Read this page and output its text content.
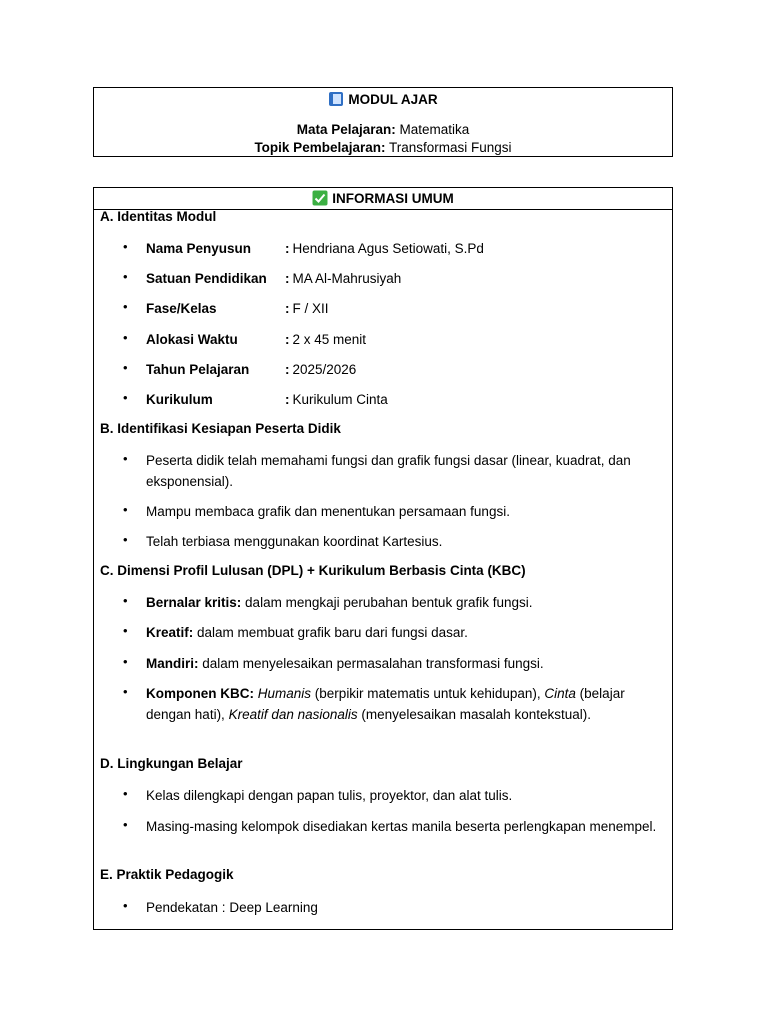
MODUL AJAR
Mata Pelajaran: Matematika
Topik Pembelajaran: Transformasi Fungsi
INFORMASI UMUM
A. Identitas Modul
• Nama Penyusun	: Hendriana Agus Setiowati, S.Pd
• Satuan Pendidikan : MA Al-Mahrusiyah
• Fase/Kelas	: F / XII
• Alokasi Waktu	: 2 x 45 menit
• Tahun Pelajaran	: 2025/2026
• Kurikulum	: Kurikulum Cinta
B. Identifikasi Kesiapan Peserta Didik
• Peserta didik telah memahami fungsi dan grafik fungsi dasar (linear, kuadrat, dan eksponensial).
• Mampu membaca grafik dan menentukan persamaan fungsi.
• Telah terbiasa menggunakan koordinat Kartesius.
C. Dimensi Profil Lulusan (DPL) + Kurikulum Berbasis Cinta (KBC)
• Bernalar kritis: dalam mengkaji perubahan bentuk grafik fungsi.
• Kreatif: dalam membuat grafik baru dari fungsi dasar.
• Mandiri: dalam menyelesaikan permasalahan transformasi fungsi.
• Komponen KBC: Humanis (berpikir matematis untuk kehidupan), Cinta (belajar dengan hati), Kreatif dan nasionalis (menyelesaikan masalah kontekstual).
D. Lingkungan Belajar
• Kelas dilengkapi dengan papan tulis, proyektor, dan alat tulis.
• Masing-masing kelompok disediakan kertas manila beserta perlengkapan menempel.
E. Praktik Pedagogik
• Pendekatan : Deep Learning
